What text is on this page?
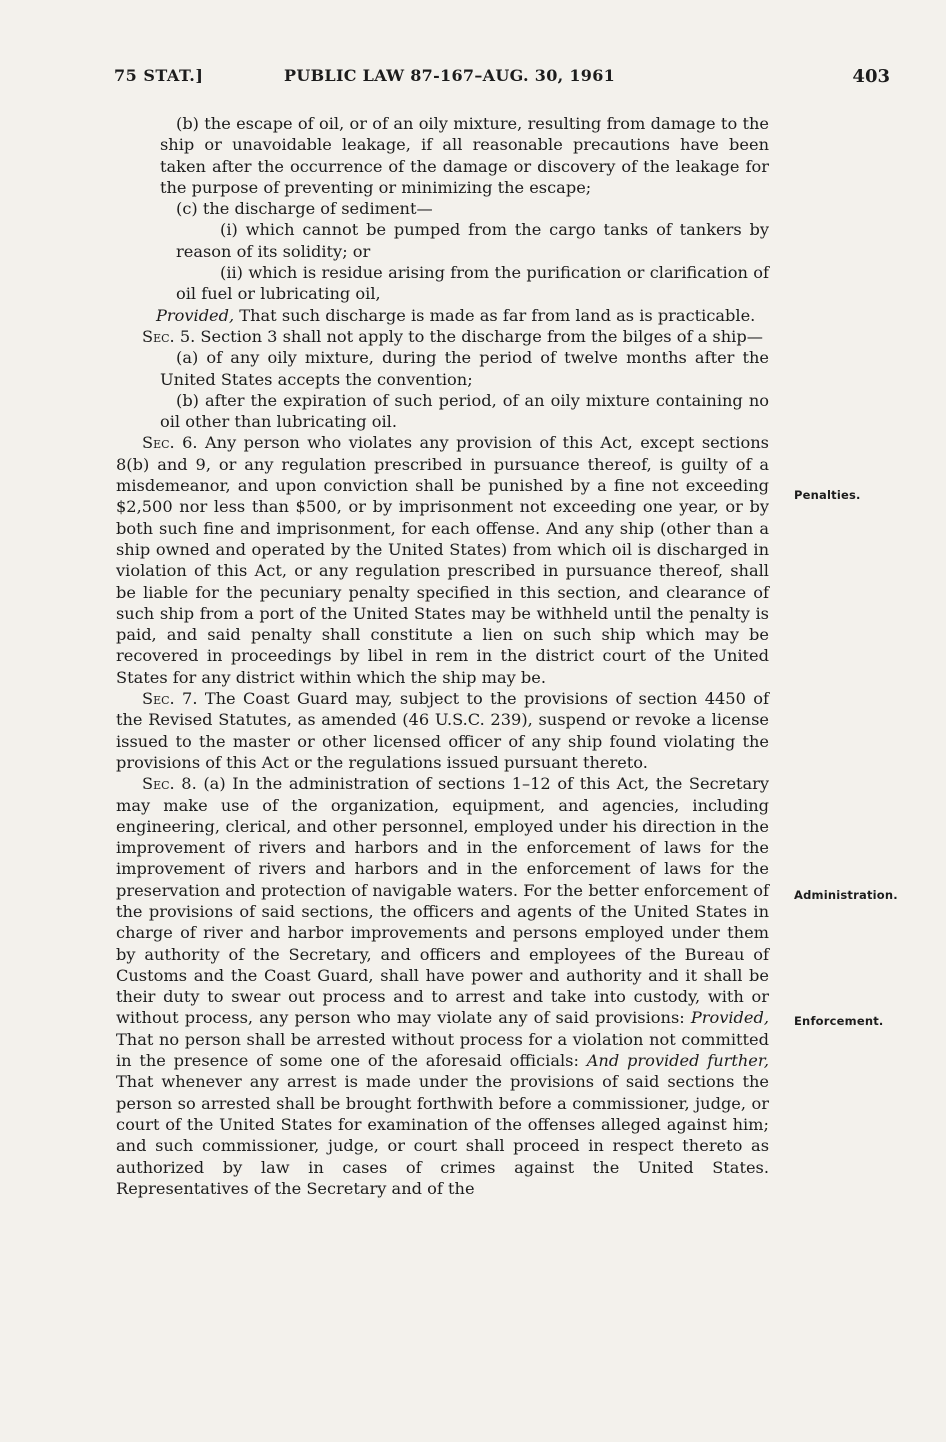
75 STAT.]	PUBLIC LAW 87-167–AUG. 30, 1961	403

(b) the escape of oil, or of an oily mixture, resulting from damage to the ship or unavoidable leakage, if all reasonable precautions have been taken after the occurrence of the damage or discovery of the leakage for the purpose of preventing or minimizing the escape;

(c) the discharge of sediment—

(i) which cannot be pumped from the cargo tanks of tankers by reason of its solidity; or

(ii) which is residue arising from the purification or clarification of oil fuel or lubricating oil,

Provided, That such discharge is made as far from land as is practicable.

Sec. 5. Section 3 shall not apply to the discharge from the bilges of a ship—

(a) of any oily mixture, during the period of twelve months after the United States accepts the convention;

(b) after the expiration of such period, of an oily mixture containing no oil other than lubricating oil.

Sec. 6. Any person who violates any provision of this Act, except sections 8(b) and 9, or any regulation prescribed in pursuance thereof, is guilty of a misdemeanor, and upon conviction shall be punished by a fine not exceeding $2,500 nor less than $500, or by imprisonment not exceeding one year, or by both such fine and imprisonment, for each offense. And any ship (other than a ship owned and operated by the United States) from which oil is discharged in violation of this Act, or any regulation prescribed in pursuance thereof, shall be liable for the pecuniary penalty specified in this section, and clearance of such ship from a port of the United States may be withheld until the penalty is paid, and said penalty shall constitute a lien on such ship which may be recovered in proceedings by libel in rem in the district court of the United States for any district within which the ship may be.

Sec. 7. The Coast Guard may, subject to the provisions of section 4450 of the Revised Statutes, as amended (46 U.S.C. 239), suspend or revoke a license issued to the master or other licensed officer of any ship found violating the provisions of this Act or the regulations issued pursuant thereto.

Sec. 8. (a) In the administration of sections 1–12 of this Act, the Secretary may make use of the organization, equipment, and agencies, including engineering, clerical, and other personnel, employed under his direction in the improvement of rivers and harbors and in the enforcement of laws for the improvement of rivers and harbors and in the enforcement of laws for the preservation and protection of navigable waters. For the better enforcement of the provisions of said sections, the officers and agents of the United States in charge of river and harbor improvements and persons employed under them by authority of the Secretary, and officers and employees of the Bureau of Customs and the Coast Guard, shall have power and authority and it shall be their duty to swear out process and to arrest and take into custody, with or without process, any person who may violate any of said provisions: Provided, That no person shall be arrested without process for a violation not committed in the presence of some one of the aforesaid officials: And provided further, That whenever any arrest is made under the provisions of said sections the person so arrested shall be brought forthwith before a commissioner, judge, or court of the United States for examination of the offenses alleged against him; and such commissioner, judge, or court shall proceed in respect thereto as authorized by law in cases of crimes against the United States. Representatives of the Secretary and of the

Penalties.
Administration.
Enforcement.
